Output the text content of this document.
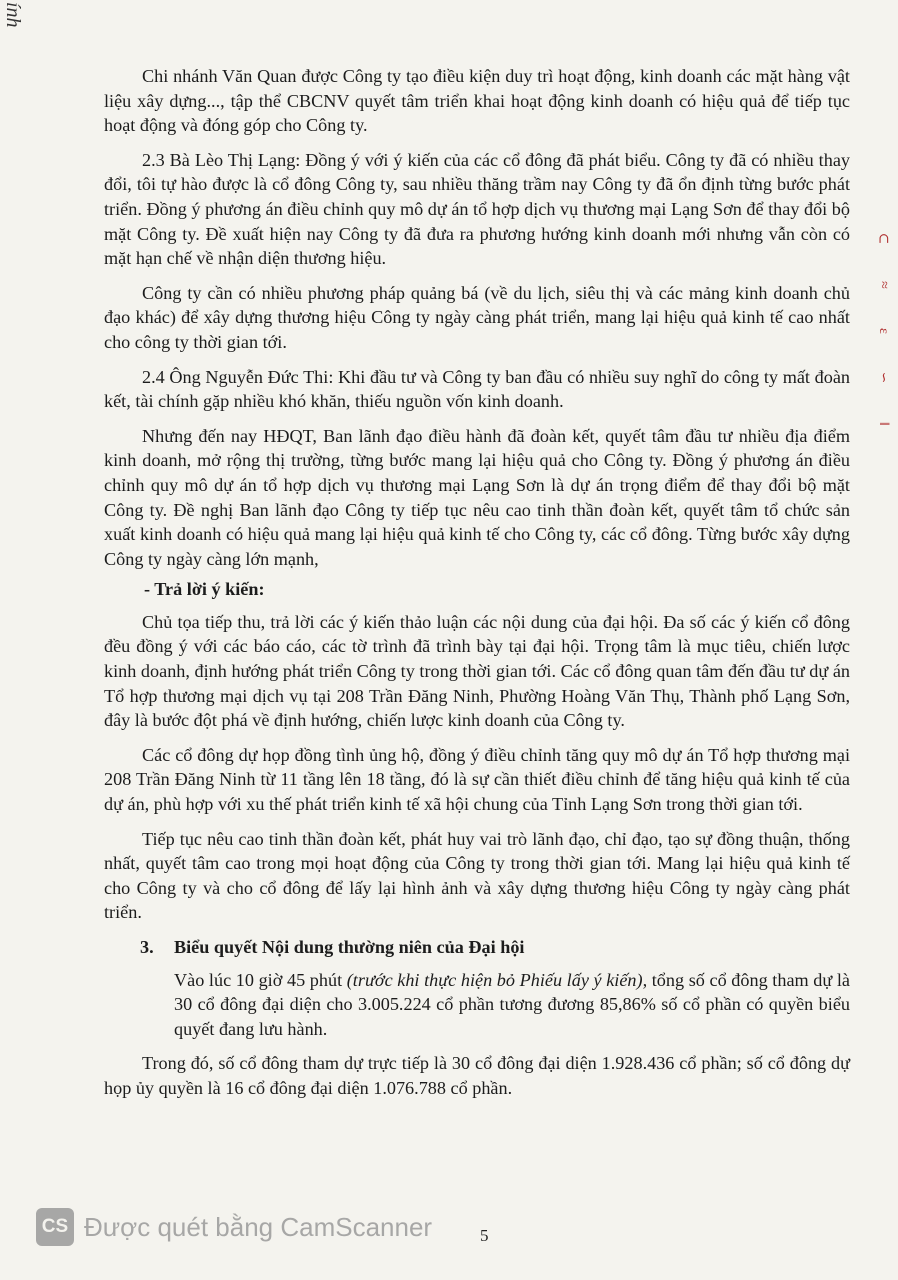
ính
⊂
≈
ε
∽
‖

Chi nhánh Văn Quan được Công ty tạo điều kiện duy trì hoạt động, kinh doanh các mặt hàng vật liệu xây dựng..., tập thể CBCNV quyết tâm triển khai hoạt động kinh doanh có hiệu quả để tiếp tục hoạt động và đóng góp cho Công ty.

2.3 Bà Lèo Thị Lạng: Đồng ý với ý kiến của các cổ đông đã phát biểu. Công ty đã có nhiều thay đổi, tôi tự hào được là cổ đông Công ty, sau nhiều thăng trầm nay Công ty đã ổn định từng bước phát triển. Đồng ý phương án điều chỉnh quy mô dự án tổ hợp dịch vụ thương mại Lạng Sơn để thay đổi bộ mặt Công ty. Đề xuất hiện nay Công ty đã đưa ra phương hướng kinh doanh mới nhưng vẫn còn có mặt hạn chế về nhận diện thương hiệu.

Công ty cần có nhiều phương pháp quảng bá (về du lịch, siêu thị và các mảng kinh doanh chủ đạo khác) để xây dựng thương hiệu Công ty ngày càng phát triển, mang lại hiệu quả kinh tế cao nhất cho công ty thời gian tới.

2.4 Ông Nguyễn Đức Thi: Khi đầu tư và Công ty ban đầu có nhiều suy nghĩ do công ty mất đoàn kết, tài chính gặp nhiều khó khăn, thiếu nguồn vốn kinh doanh.

Nhưng đến nay HĐQT, Ban lãnh đạo điều hành đã đoàn kết, quyết tâm đầu tư nhiều địa điểm kinh doanh, mở rộng thị trường, từng bước mang lại hiệu quả cho Công ty. Đồng ý phương án điều chỉnh quy mô dự án tổ hợp dịch vụ thương mại Lạng Sơn là dự án trọng điểm để thay đổi bộ mặt Công ty. Đề nghị Ban lãnh đạo Công ty tiếp tục nêu cao tinh thần đoàn kết, quyết tâm tổ chức sản xuất kinh doanh có hiệu quả mang lại hiệu quả kinh tế cho Công ty, các cổ đông. Từng bước xây dựng Công ty ngày càng lớn mạnh,

- Trả lời ý kiến:

Chủ tọa tiếp thu, trả lời các ý kiến thảo luận các nội dung của đại hội. Đa số các ý kiến cổ đông đều đồng ý với các báo cáo, các tờ trình đã trình bày tại đại hội. Trọng tâm là mục tiêu, chiến lược kinh doanh, định hướng phát triển Công ty trong thời gian tới. Các cổ đông quan tâm đến đầu tư dự án Tổ hợp thương mại dịch vụ tại 208 Trần Đăng Ninh, Phường Hoàng Văn Thụ, Thành phố Lạng Sơn, đây là bước đột phá về định hướng, chiến lược kinh doanh của Công ty.

Các cổ đông dự họp đồng tình ủng hộ, đồng ý điều chỉnh tăng quy mô dự án Tổ hợp thương mại 208 Trần Đăng Ninh từ 11 tầng lên 18 tầng, đó là sự cần thiết điều chỉnh để tăng hiệu quả kinh tế của dự án, phù hợp với xu thế phát triển kinh tế xã hội chung của Tỉnh Lạng Sơn trong thời gian tới.

Tiếp tục nêu cao tinh thần đoàn kết, phát huy vai trò lãnh đạo, chỉ đạo, tạo sự đồng thuận, thống nhất, quyết tâm cao trong mọi hoạt động của Công ty trong thời gian tới. Mang lại hiệu quả kinh tế cho Công ty và cho cổ đông để lấy lại hình ảnh và xây dựng thương hiệu Công ty ngày càng phát triển.

3. Biểu quyết Nội dung thường niên của Đại hội

Vào lúc 10 giờ 45 phút (trước khi thực hiện bỏ Phiếu lấy ý kiến), tổng số cổ đông tham dự là 30 cổ đông đại diện cho 3.005.224 cổ phần tương đương 85,86% số cổ phần có quyền biểu quyết đang lưu hành.

Trong đó, số cổ đông tham dự trực tiếp là 30 cổ đông đại diện 1.928.436 cổ phần; số cổ đông dự họp ủy quyền là 16 cổ đông đại diện 1.076.788 cổ phần.

CS Được quét bằng CamScanner	5
